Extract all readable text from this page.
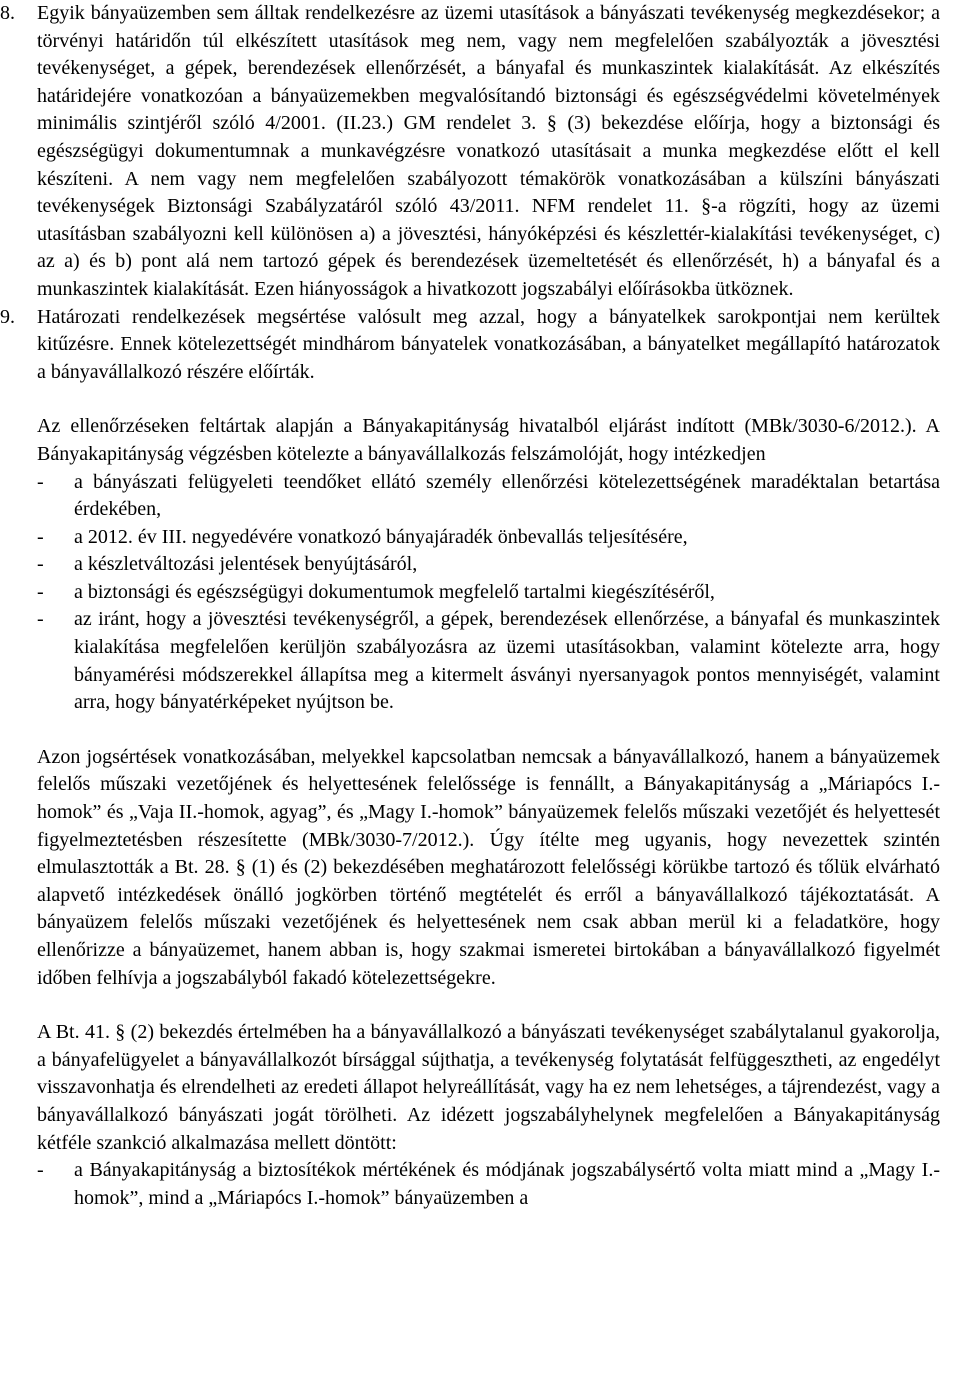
8. Egyik bányaüzemben sem álltak rendelkezésre az üzemi utasítások a bányászati tevékenység megkezdésekor; a törvényi határidőn túl elkészített utasítások meg nem, vagy nem megfelelően szabályozták a jövesztési tevékenységet, a gépek, berendezések ellenőrzését, a bányafal és munkaszintek kialakítását. Az elkészítés határidejére vonatkozóan a bányaüzemekben megvalósítandó biztonsági és egészségvédelmi követelmények minimális szintjéről szóló 4/2001. (II.23.) GM rendelet 3. § (3) bekezdése előírja, hogy a biztonsági és egészségügyi dokumentumnak a munkavégzésre vonatkozó utasításait a munka megkezdése előtt el kell készíteni. A nem vagy nem megfelelően szabályozott témakörök vonatkozásában a külszíni bányászati tevékenységek Biztonsági Szabályzatáról szóló 43/2011. NFM rendelet 11. §-a rögzíti, hogy az üzemi utasításban szabályozni kell különösen a) a jövesztési, hányóképzési és készlettér-kialakítási tevékenységet, c) az a) és b) pont alá nem tartozó gépek és berendezések üzemeltetését és ellenőrzését, h) a bányafal és a munkaszintek kialakítását. Ezen hiányosságok a hivatkozott jogszabályi előírásokba ütköznek.

9. Határozati rendelkezések megsértése valósult meg azzal, hogy a bányatelkek sarokpontjai nem kerültek kitűzésre. Ennek kötelezettségét mindhárom bányatelek vonatkozásában, a bányatelket megállapító határozatok a bányavállalkozó részére előírták.

Az ellenőrzéseken feltártak alapján a Bányakapitányság hivatalból eljárást indított (MBk/3030-6/2012.). A Bányakapitányság végzésben kötelezte a bányavállalkozás felszámolóját, hogy intézkedjen

- a bányászati felügyeleti teendőket ellátó személy ellenőrzési kötelezettségének maradéktalan betartása érdekében,

- a 2012. év III. negyedévére vonatkozó bányajáradék önbevallás teljesítésére,

- a készletváltozási jelentések benyújtásáról,

- a biztonsági és egészségügyi dokumentumok megfelelő tartalmi kiegészítéséről,

- az iránt, hogy a jövesztési tevékenységről, a gépek, berendezések ellenőrzése, a bányafal és munkaszintek kialakítása megfelelően kerüljön szabályozásra az üzemi utasításokban, valamint kötelezte arra, hogy bányamérési módszerekkel állapítsa meg a kitermelt ásványi nyersanyagok pontos mennyiségét, valamint arra, hogy bányatérképeket nyújtson be.

Azon jogsértések vonatkozásában, melyekkel kapcsolatban nemcsak a bányavállalkozó, hanem a bányaüzemek felelős műszaki vezetőjének és helyettesének felelőssége is fennállt, a Bányakapitányság a „Máriapócs I.-homok” és „Vaja II.-homok, agyag”, és „Magy I.-homok” bányaüzemek felelős műszaki vezetőjét és helyettesét figyelmeztetésben részesítette (MBk/3030-7/2012.). Úgy ítélte meg ugyanis, hogy nevezettek szintén elmulasztották a Bt. 28. § (1) és (2) bekezdésében meghatározott felelősségi körükbe tartozó és tőlük elvárható alapvető intézkedések önálló jogkörben történő megtételét és erről a bányavállalkozó tájékoztatását. A bányaüzem felelős műszaki vezetőjének és helyettesének nem csak abban merül ki a feladatköre, hogy ellenőrizze a bányaüzemet, hanem abban is, hogy szakmai ismeretei birtokában a bányavállalkozó figyelmét időben felhívja a jogszabályból fakadó kötelezettségekre.

A Bt. 41. § (2) bekezdés értelmében ha a bányavállalkozó a bányászati tevékenységet szabálytalanul gyakorolja, a bányafelügyelet a bányavállalkozót bírsággal sújthatja, a tevékenység folytatását felfüggesztheti, az engedélyt visszavonhatja és elrendelheti az eredeti állapot helyreállítását, vagy ha ez nem lehetséges, a tájrendezést, vagy a bányavállalkozó bányászati jogát törölheti. Az idézett jogszabályhelynek megfelelően a Bányakapitányság kétféle szankció alkalmazása mellett döntött:

- a Bányakapitányság a biztosítékok mértékének és módjának jogszabálysértő volta miatt mind a „Magy I.-homok”, mind a „Máriapócs I.-homok” bányaüzemben a
